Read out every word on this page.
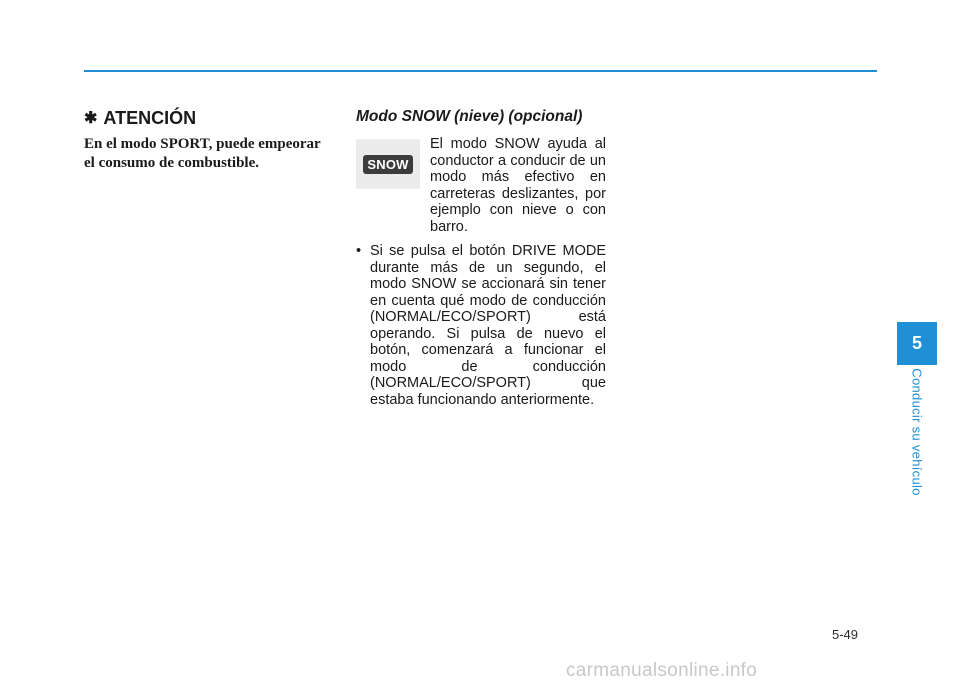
✱ ATENCIÓN

En el modo SPORT, puede empeorar el consumo de combustible.

Modo SNOW (nieve) (opcional)
SNOW

El modo SNOW ayuda al conductor a conducir de un modo más efectivo en carreteras deslizantes, por ejemplo con nieve o con barro.

• Si se pulsa el botón DRIVE MODE durante más de un segundo, el modo SNOW se accionará sin tener en cuenta qué modo de conducción (NORMAL/ECO/SPORT) está operando. Si pulsa de nuevo el botón, comenzará a funcionar el modo de conducción (NORMAL/ECO/SPORT) que estaba funcionando anteriormente.
5
Conducir su vehículo
5-49
carmanualsonline.info
